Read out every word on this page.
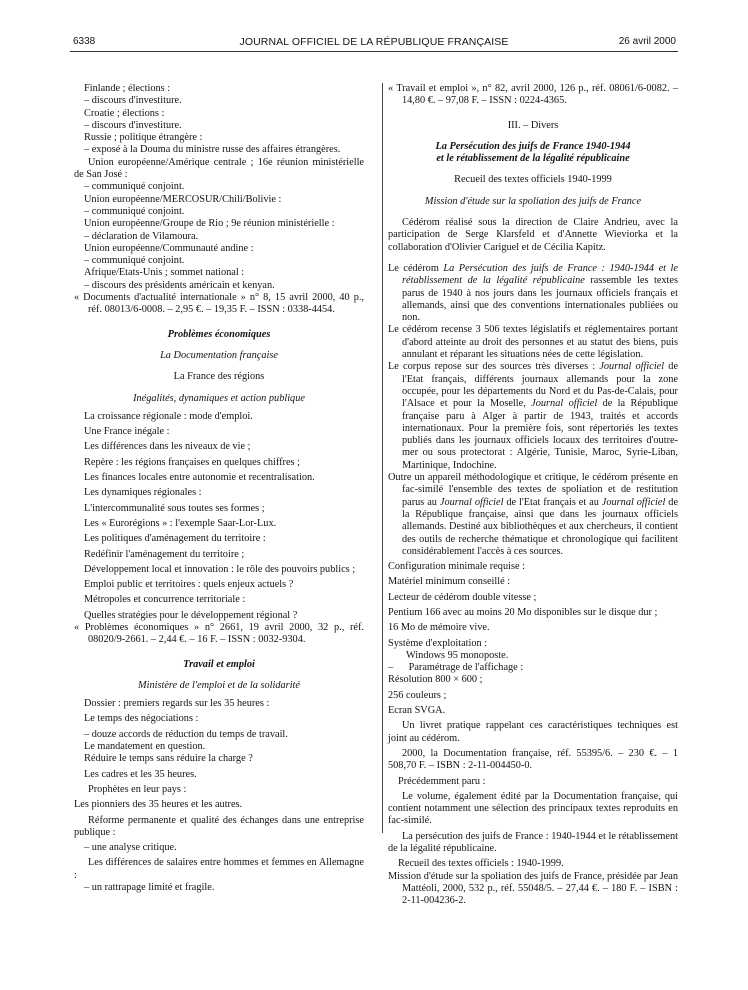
6338	JOURNAL OFFICIEL DE LA RÉPUBLIQUE FRANÇAISE	26 avril 2000

Finlande ; élections :

– discours d'investiture.

Croatie ; élections :

– discours d'investiture.

Russie ; politique étrangère :

– exposé à la Douma du ministre russe des affaires étrangères.

Union européenne/Amérique centrale ; 16e réunion ministérielle de San José :

– communiqué conjoint.

Union européenne/MERCOSUR/Chili/Bolivie :

– communiqué conjoint.

Union européenne/Groupe de Rio ; 9e réunion ministérielle :

– déclaration de Vilamoura.

Union européenne/Communauté andine :

– communiqué conjoint.

Afrique/Etats-Unis ; sommet national :

– discours des présidents américain et kenyan.

« Documents d'actualité internationale » n° 8, 15 avril 2000, 40 p., réf. 08013/6-0008. – 2,95 €. – 19,35 F. – ISSN : 0338-4454.

Problèmes économiques

La Documentation française

La France des régions

Inégalités, dynamiques et action publique

La croissance régionale : mode d'emploi.

Une France inégale :

Les différences dans les niveaux de vie ;

Repère : les régions françaises en quelques chiffres ;

Les finances locales entre autonomie et recentralisation.

Les dynamiques régionales :

L'intercommunalité sous toutes ses formes ;

Les « Eurorégions » : l'exemple Saar-Lor-Lux.

Les politiques d'aménagement du territoire :

Redéfinir l'aménagement du territoire ;

Développement local et innovation : le rôle des pouvoirs publics ;

Emploi public et territoires : quels enjeux actuels ?

Métropoles et concurrence territoriale :

Quelles stratégies pour le développement régional ?

« Problèmes économiques » n° 2661, 19 avril 2000, 32 p., réf. 08020/9-2661. – 2,44 €. – 16 F. – ISSN : 0032-9304.

Travail et emploi

Ministère de l'emploi et de la solidarité

Dossier : premiers regards sur les 35 heures :

Le temps des négociations :

– douze accords de réduction du temps de travail.

Le mandatement en question.

Réduire le temps sans réduire la charge ?

Les cadres et les 35 heures.

Prophètes en leur pays :

Les pionniers des 35 heures et les autres.

Réforme permanente et qualité des échanges dans une entreprise publique :

– une analyse critique.

Les différences de salaires entre hommes et femmes en Allemagne :

– un rattrapage limité et fragile.

« Travail et emploi », n° 82, avril 2000, 126 p., réf. 08061/6-0082. – 14,80 €. – 97,08 F. – ISSN : 0224-4365.

III. – Divers

La Persécution des juifs de France 1940-1944

et le rétablissement de la légalité républicaine

Recueil des textes officiels 1940-1999

Mission d'étude sur la spoliation des juifs de France

Cédérom réalisé sous la direction de Claire Andrieu, avec la participation de Serge Klarsfeld et d'Annette Wieviorka et la collaboration d'Olivier Cariguel et de Cécilia Kapitz.

Le cédérom La Persécution des juifs de France : 1940-1944 et le rétablissement de la légalité républicaine rassemble les textes parus de 1940 à nos jours dans les journaux officiels français et allemands, ainsi que des conventions internationales publiées ou non.

Le cédérom recense 3 506 textes législatifs et réglementaires portant d'abord atteinte au droit des personnes et au statut des biens, puis annulant et réparant les situations nées de cette législation.

Le corpus repose sur des sources très diverses : Journal officiel de l'Etat français, différents journaux allemands pour la zone occupée, pour les départements du Nord et du Pas-de-Calais, pour l'Alsace et pour la Moselle, Journal officiel de la République française paru à Alger à partir de 1943, traités et accords internationaux. Pour la première fois, sont répertoriés les textes publiés dans les journaux officiels locaux des territoires d'outre-mer ou sous protectorat : Algérie, Tunisie, Maroc, Syrie-Liban, Martinique, Indochine.

Outre un appareil méthodologique et critique, le cédérom présente en fac-similé l'ensemble des textes de spoliation et de restitution parus au Journal officiel de l'Etat français et au Journal officiel de la République française, ainsi que dans les journaux officiels allemands. Destiné aux bibliothèques et aux chercheurs, il contient des outils de recherche thématique et chronologique qui facilitent considérablement l'accès à ces sources.

Configuration minimale requise :

Matériel minimum conseillé :

Lecteur de cédérom double vitesse ;

Pentium 166 avec au moins 20 Mo disponibles sur le disque dur ;

16 Mo de mémoire vive.

Système d'exploitation :

Windows 95 monoposte.

–      Paramétrage de l'affichage :

Résolution 800 × 600 ;

256 couleurs ;

Ecran SVGA.

Un livret pratique rappelant ces caractéristiques techniques est joint au cédérom.

2000, la Documentation française, réf. 55395/6. – 230 €. – 1 508,70 F. – ISBN : 2-11-004450-0.

Précédemment paru :

Le volume, également édité par la Documentation française, qui contient notamment une sélection des principaux textes reproduits en fac-similé.

La persécution des juifs de France : 1940-1944 et le rétablissement de la légalité républicaine.

Recueil des textes officiels : 1940-1999.

Mission d'étude sur la spoliation des juifs de France, présidée par Jean Mattéoli, 2000, 532 p., réf. 55048/5. – 27,44 €. – 180 F. – ISBN : 2-11-004236-2.
